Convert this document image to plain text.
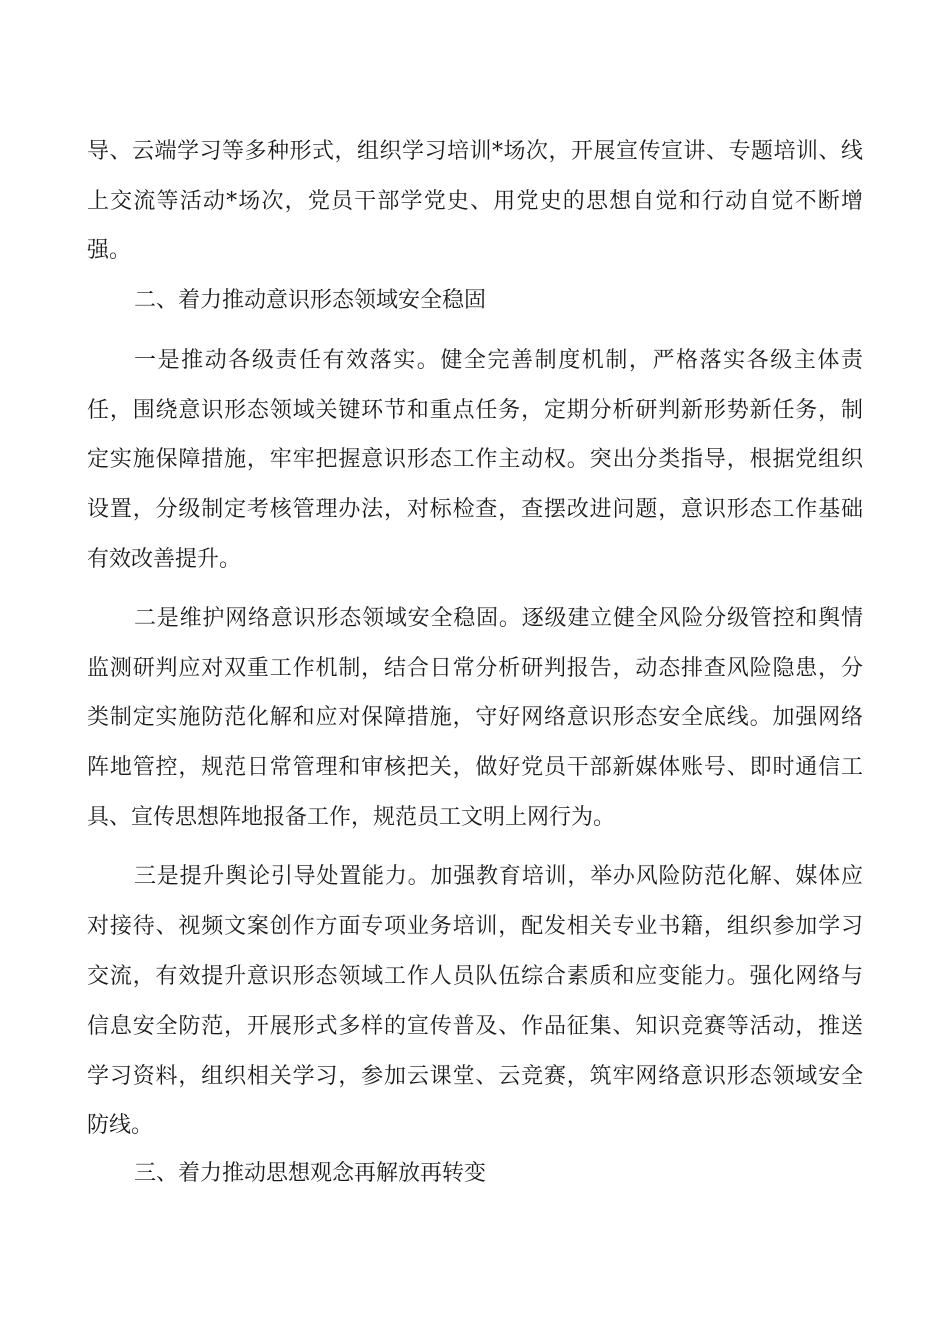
导、云端学习等多种形式，组织学习培训*场次，开展宣传宣讲、专题培训、线
上交流等活动*场次，党员干部学党史、用党史的思想自觉和行动自觉不断增
强。
二、着力推动意识形态领域安全稳固
一是推动各级责任有效落实。健全完善制度机制，严格落实各级主体责
任，围绕意识形态领域关键环节和重点任务，定期分析研判新形势新任务，制
定实施保障措施，牢牢把握意识形态工作主动权。突出分类指导，根据党组织
设置，分级制定考核管理办法，对标检查，查摆改进问题，意识形态工作基础
有效改善提升。
二是维护网络意识形态领域安全稳固。逐级建立健全风险分级管控和舆情
监测研判应对双重工作机制，结合日常分析研判报告，动态排查风险隐患，分
类制定实施防范化解和应对保障措施，守好网络意识形态安全底线。加强网络
阵地管控，规范日常管理和审核把关，做好党员干部新媒体账号、即时通信工
具、宣传思想阵地报备工作，规范员工文明上网行为。
三是提升舆论引导处置能力。加强教育培训，举办风险防范化解、媒体应
对接待、视频文案创作方面专项业务培训，配发相关专业书籍，组织参加学习
交流，有效提升意识形态领域工作人员队伍综合素质和应变能力。强化网络与
信息安全防范，开展形式多样的宣传普及、作品征集、知识竞赛等活动，推送
学习资料，组织相关学习，参加云课堂、云竞赛，筑牢网络意识形态领域安全
防线。
三、着力推动思想观念再解放再转变
